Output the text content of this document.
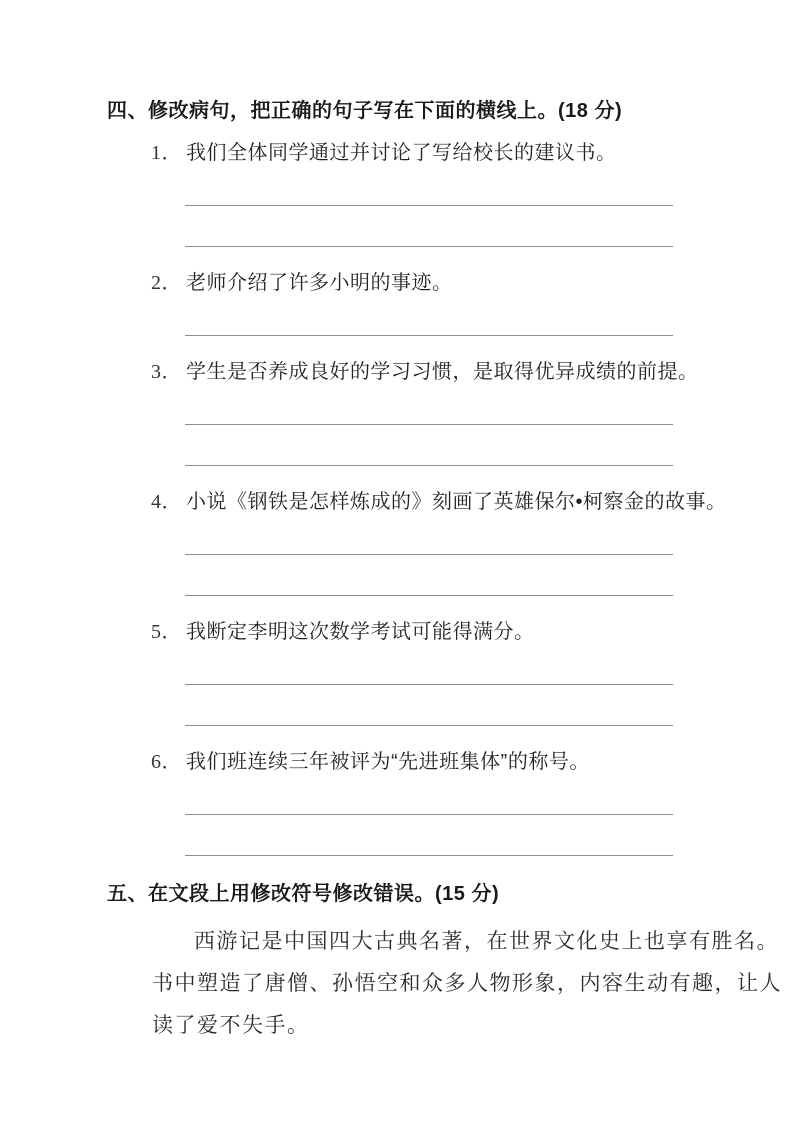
四、修改病句，把正确的句子写在下面的横线上。(18 分)

1． 我们全体同学通过并讨论了写给校长的建议书。

2． 老师介绍了许多小明的事迹。

3． 学生是否养成良好的学习习惯，是取得优异成绩的前提。

4． 小说《钢铁是怎样炼成的》刻画了英雄保尔•柯察金的故事。

5． 我断定李明这次数学考试可能得满分。

6． 我们班连续三年被评为“先进班集体”的称号。

五、在文段上用修改符号修改错误。(15 分)
西游记是中国四大古典名著，在世界文化史上也享有胜名。
书中塑造了唐僧、孙悟空和众多人物形象，内容生动有趣，让人
读了爱不失手。
